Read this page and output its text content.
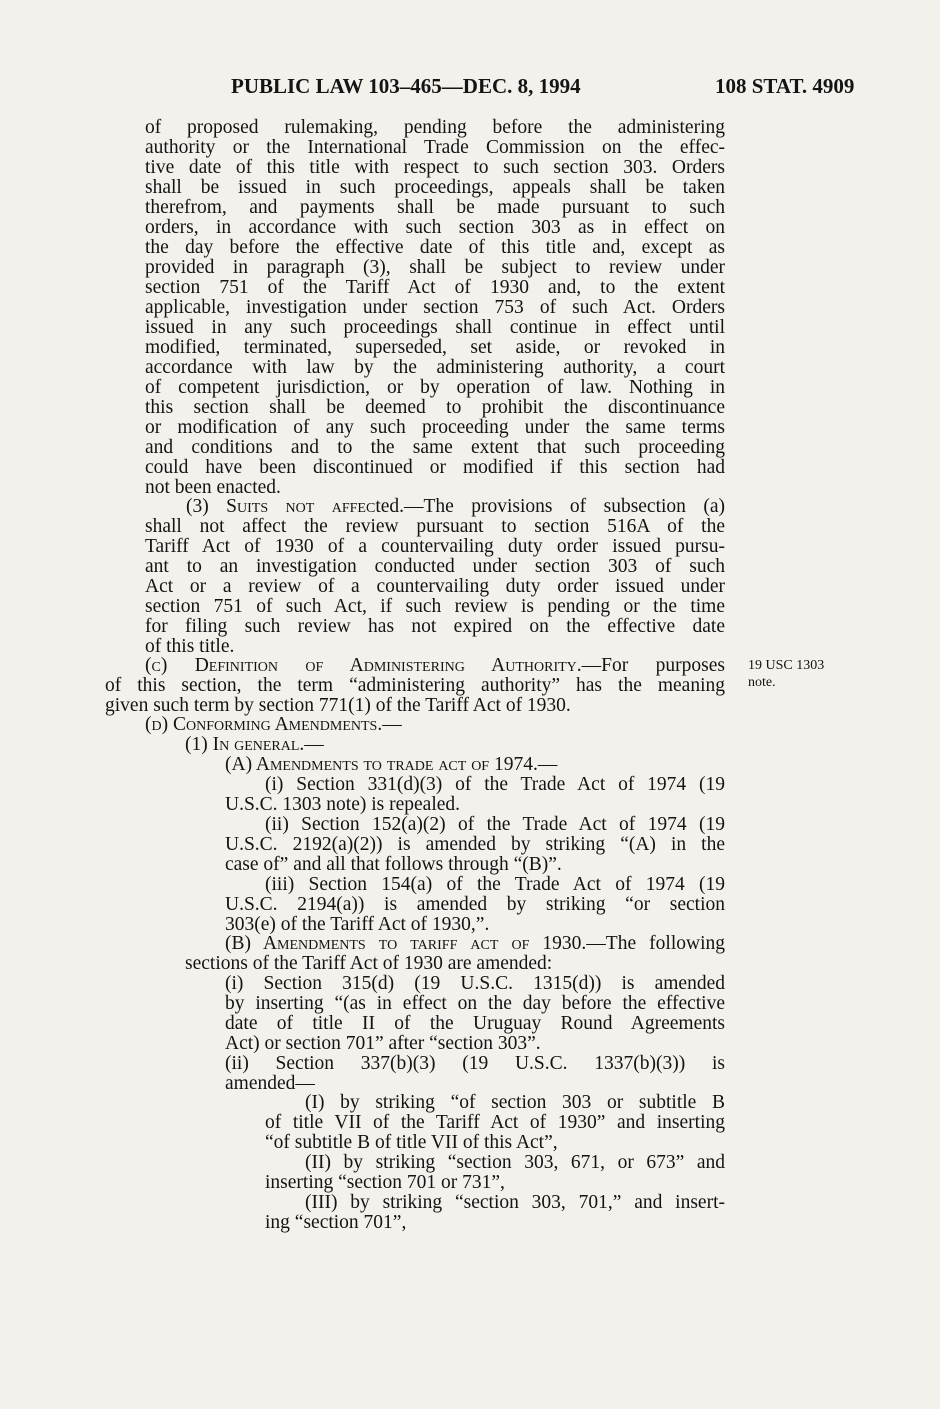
PUBLIC LAW 103–465—DEC. 8, 1994	108 STAT. 4909
19 USC 1303
note.
of proposed rulemaking, pending before the administering
authority or the International Trade Commission on the effec-
tive date of this title with respect to such section 303. Orders
shall be issued in such proceedings, appeals shall be taken
therefrom, and payments shall be made pursuant to such
orders, in accordance with such section 303 as in effect on
the day before the effective date of this title and, except as
provided in paragraph (3), shall be subject to review under
section 751 of the Tariff Act of 1930 and, to the extent
applicable, investigation under section 753 of such Act. Orders
issued in any such proceedings shall continue in effect until
modified, terminated, superseded, set aside, or revoked in
accordance with law by the administering authority, a court
of competent jurisdiction, or by operation of law. Nothing in
this section shall be deemed to prohibit the discontinuance
or modification of any such proceeding under the same terms
and conditions and to the same extent that such proceeding
could have been discontinued or modified if this section had
not been enacted.
(3) Suits not affected.—The provisions of subsection (a)
shall not affect the review pursuant to section 516A of the
Tariff Act of 1930 of a countervailing duty order issued pursu-
ant to an investigation conducted under section 303 of such
Act or a review of a countervailing duty order issued under
section 751 of such Act, if such review is pending or the time
for filing such review has not expired on the effective date
of this title.
(c) Definition of Administering Authority.—For purposes
of this section, the term “administering authority” has the meaning
given such term by section 771(1) of the Tariff Act of 1930.
(d) Conforming Amendments.—
(1) In general.—
(A) Amendments to trade act of 1974.—
(i) Section 331(d)(3) of the Trade Act of 1974 (19
U.S.C. 1303 note) is repealed.
(ii) Section 152(a)(2) of the Trade Act of 1974 (19
U.S.C. 2192(a)(2)) is amended by striking “(A) in the
case of” and all that follows through “(B)”.
(iii) Section 154(a) of the Trade Act of 1974 (19
U.S.C. 2194(a)) is amended by striking “or section
303(e) of the Tariff Act of 1930,”.
(B) Amendments to tariff act of 1930.—The following
sections of the Tariff Act of 1930 are amended:
(i) Section 315(d) (19 U.S.C. 1315(d)) is amended
by inserting “(as in effect on the day before the effective
date of title II of the Uruguay Round Agreements
Act) or section 701” after “section 303”.
(ii) Section 337(b)(3) (19 U.S.C. 1337(b)(3)) is
amended—
(I) by striking “of section 303 or subtitle B
of title VII of the Tariff Act of 1930” and inserting
“of subtitle B of title VII of this Act”,
(II) by striking “section 303, 671, or 673” and
inserting “section 701 or 731”,
(III) by striking “section 303, 701,” and insert-
ing “section 701”,
